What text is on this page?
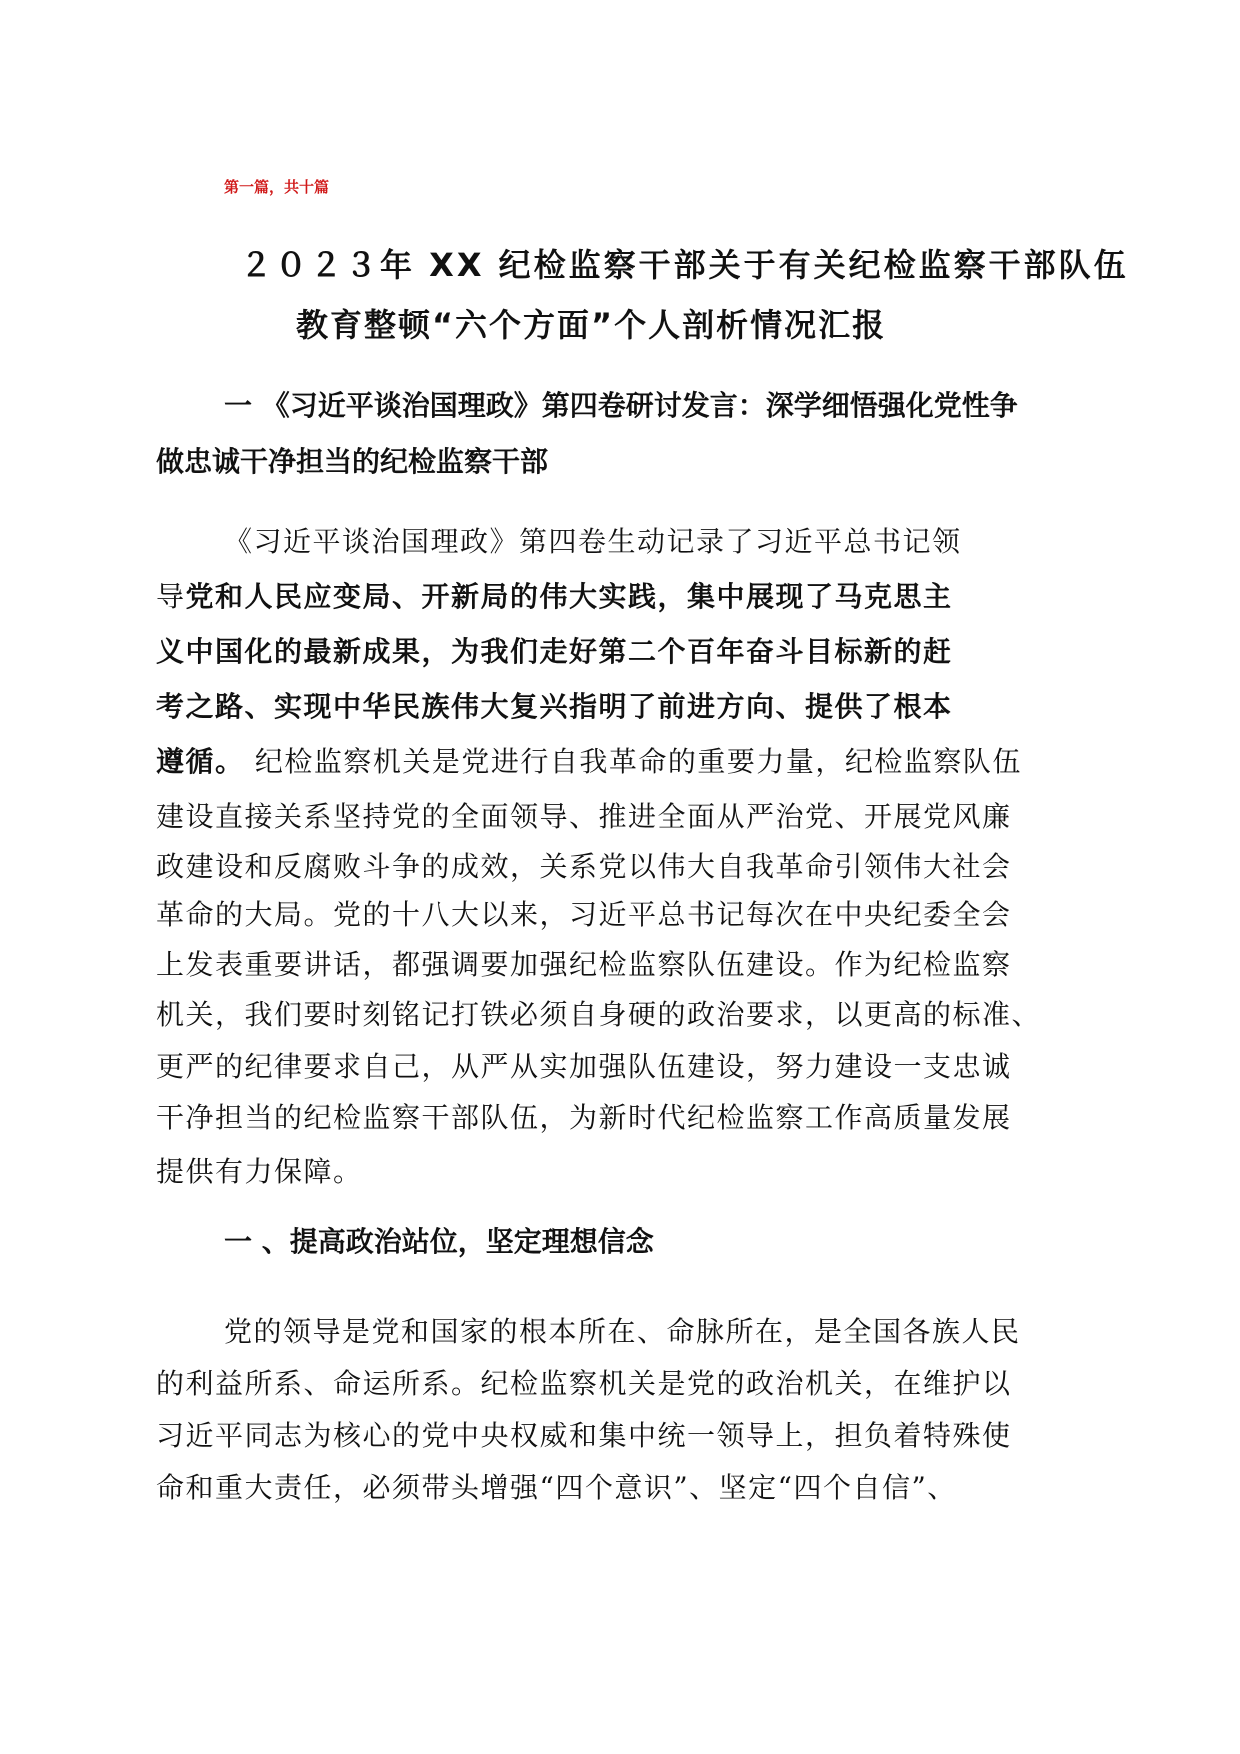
第一篇，共十篇
２０２３年 XX 纪检监察干部关于有关纪检监察干部队伍
教育整顿“六个方面”个人剖析情况汇报
一 《习近平谈治国理政》第四卷研讨发言：深学细悟强化党性争
做忠诚干净担当的纪检监察干部
《习近平谈治国理政》第四卷生动记录了习近平总书记领
导党和人民应变局、开新局的伟大实践，集中展现了马克思主
义中国化的最新成果，为我们走好第二个百年奋斗目标新的赶
考之路、实现中华民族伟大复兴指明了前进方向、提供了根本
遵循。 纪检监察机关是党进行自我革命的重要力量，纪检监察队伍
建设直接关系坚持党的全面领导、推进全面从严治党、开展党风廉
政建设和反腐败斗争的成效，关系党以伟大自我革命引领伟大社会
革命的大局。党的十八大以来，习近平总书记每次在中央纪委全会
上发表重要讲话，都强调要加强纪检监察队伍建设。作为纪检监察
机关，我们要时刻铭记打铁必须自身硬的政治要求，以更高的标准、
更严的纪律要求自己，从严从实加强队伍建设，努力建设一支忠诚
干净担当的纪检监察干部队伍，为新时代纪检监察工作高质量发展
提供有力保障。
一 、提高政治站位，坚定理想信念
党的领导是党和国家的根本所在、命脉所在，是全国各族人民
的利益所系、命运所系。纪检监察机关是党的政治机关，在维护以
习近平同志为核心的党中央权威和集中统一领导上，担负着特殊使
命和重大责任，必须带头增强“四个意识”、坚定“四个自信”、
